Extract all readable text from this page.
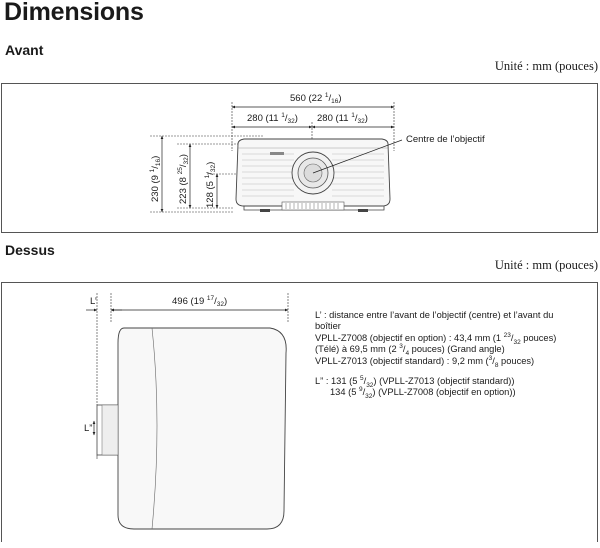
Dimensions
Avant
Unité : mm (pouces)
560 (22 $^1/_{16}$)
280 (11 $^1/_{32}$) 280 (11 $^1/_{32}$)
230 (9 $^1/_{16}$)
223 (8 $^{25}/_{32}$)
128 (5 $^1/_{32}$)
Centre de l’objectif
Dessus
Unité : mm (pouces)
L’	496 (19 $^{17}/_{32}$)
L”
L’ : distance entre l’avant de l’objectif (centre) et l’avant du boîtier
VPLL-Z7008 (objectif en option) : 43,4 mm (1 $^{23}/_{32}$ pouces)
(Télé) à 69,5 mm (2 $^3/_4$ pouces) (Grand angle)
VPLL-Z7013 (objectif standard) : 9,2 mm ($^3/_8$ pouces)
L” : 131 (5 $^5/_{32}$) (VPLL-Z7013 (objectif standard))
134 (5 $^9/_{32}$) (VPLL-Z7008 (objectif en option))
